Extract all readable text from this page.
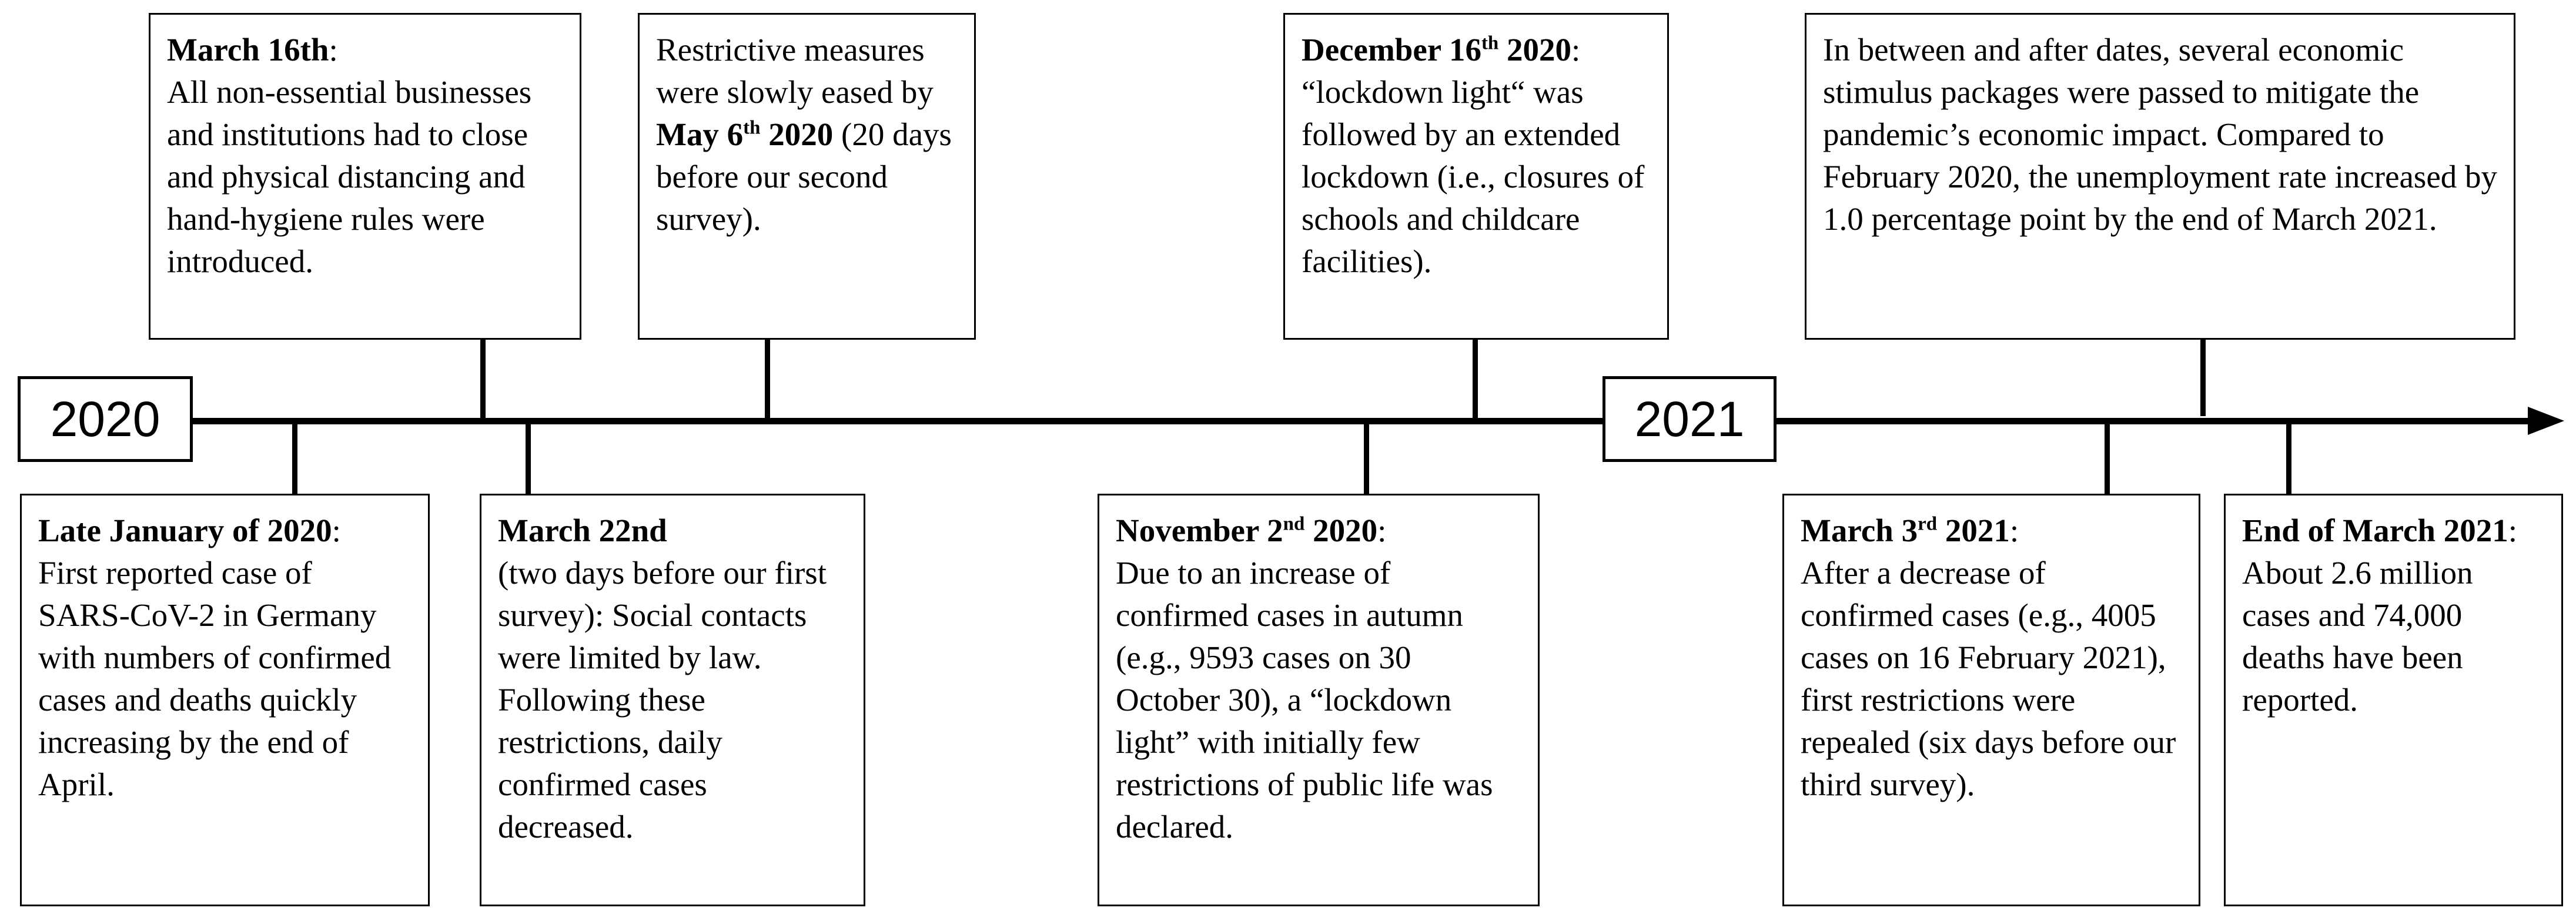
2020	2021
March 16th:
All non-essential businesses and institutions had to close and physical distancing and hand-hygiene rules were introduced.
Restrictive measures were slowly eased by May 6th 2020 (20 days before our second survey).
December 16th 2020:
“lockdown light“ was followed by an extended lockdown (i.e., closures of schools and childcare facilities).
In between and after dates, several economic stimulus packages were passed to mitigate the pandemic’s economic impact. Compared to February 2020, the unemployment rate increased by 1.0 percentage point by the end of March 2021.
Late January of 2020:
First reported case of SARS-CoV-2 in Germany with numbers of confirmed cases and deaths quickly increasing by the end of April.
March 22nd
(two days before our first survey): Social contacts were limited by law. Following these restrictions, daily confirmed cases decreased.
November 2nd 2020:
Due to an increase of confirmed cases in autumn (e.g., 9593 cases on 30 October 30), a “lockdown light” with initially few restrictions of public life was declared.
March 3rd 2021:
After a decrease of confirmed cases (e.g., 4005 cases on 16 February 2021), first restrictions were repealed (six days before our third survey).
End of March 2021:
About 2.6 million cases and 74,000 deaths have been reported.
